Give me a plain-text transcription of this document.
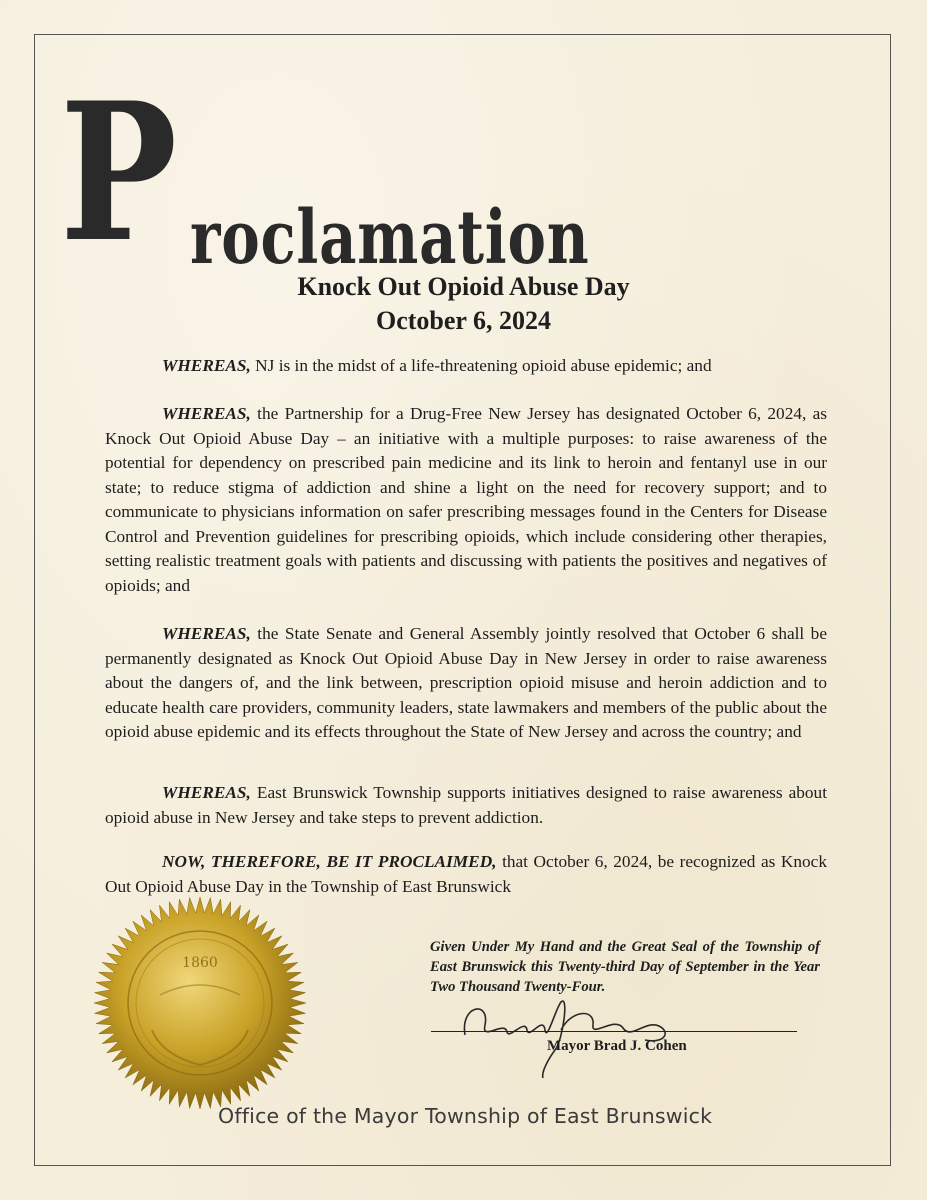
P roclamation
Knock Out Opioid Abuse Day
October 6, 2024

WHEREAS, NJ is in the midst of a life-threatening opioid abuse epidemic; and

WHEREAS, the Partnership for a Drug-Free New Jersey has designated October 6, 2024, as Knock Out Opioid Abuse Day – an initiative with a multiple purposes: to raise awareness of the potential for dependency on prescribed pain medicine and its link to heroin and fentanyl use in our state; to reduce stigma of addiction and shine a light on the need for recovery support; and to communicate to physicians information on safer prescribing messages found in the Centers for Disease Control and Prevention guidelines for prescribing opioids, which include considering other therapies, setting realistic treatment goals with patients and discussing with patients the positives and negatives of opioids; and

WHEREAS, the State Senate and General Assembly jointly resolved that October 6 shall be permanently designated as Knock Out Opioid Abuse Day in New Jersey in order to raise awareness about the dangers of, and the link between, prescription opioid misuse and heroin addiction and to educate health care providers, community leaders, state lawmakers and members of the public about the opioid abuse epidemic and its effects throughout the State of New Jersey and across the country; and

WHEREAS, East Brunswick Township supports initiatives designed to raise awareness about opioid abuse in New Jersey and take steps to prevent addiction.

NOW, THEREFORE, BE IT PROCLAIMED, that October 6, 2024, be recognized as Knock Out Opioid Abuse Day in the Township of East Brunswick

1860
Given Under My Hand and the Great Seal of the Township of East Brunswick this Twenty-third Day of September in the Year Two Thousand Twenty-Four.
Mayor Brad J. Cohen
Office of the Mayor Township of East Brunswick
